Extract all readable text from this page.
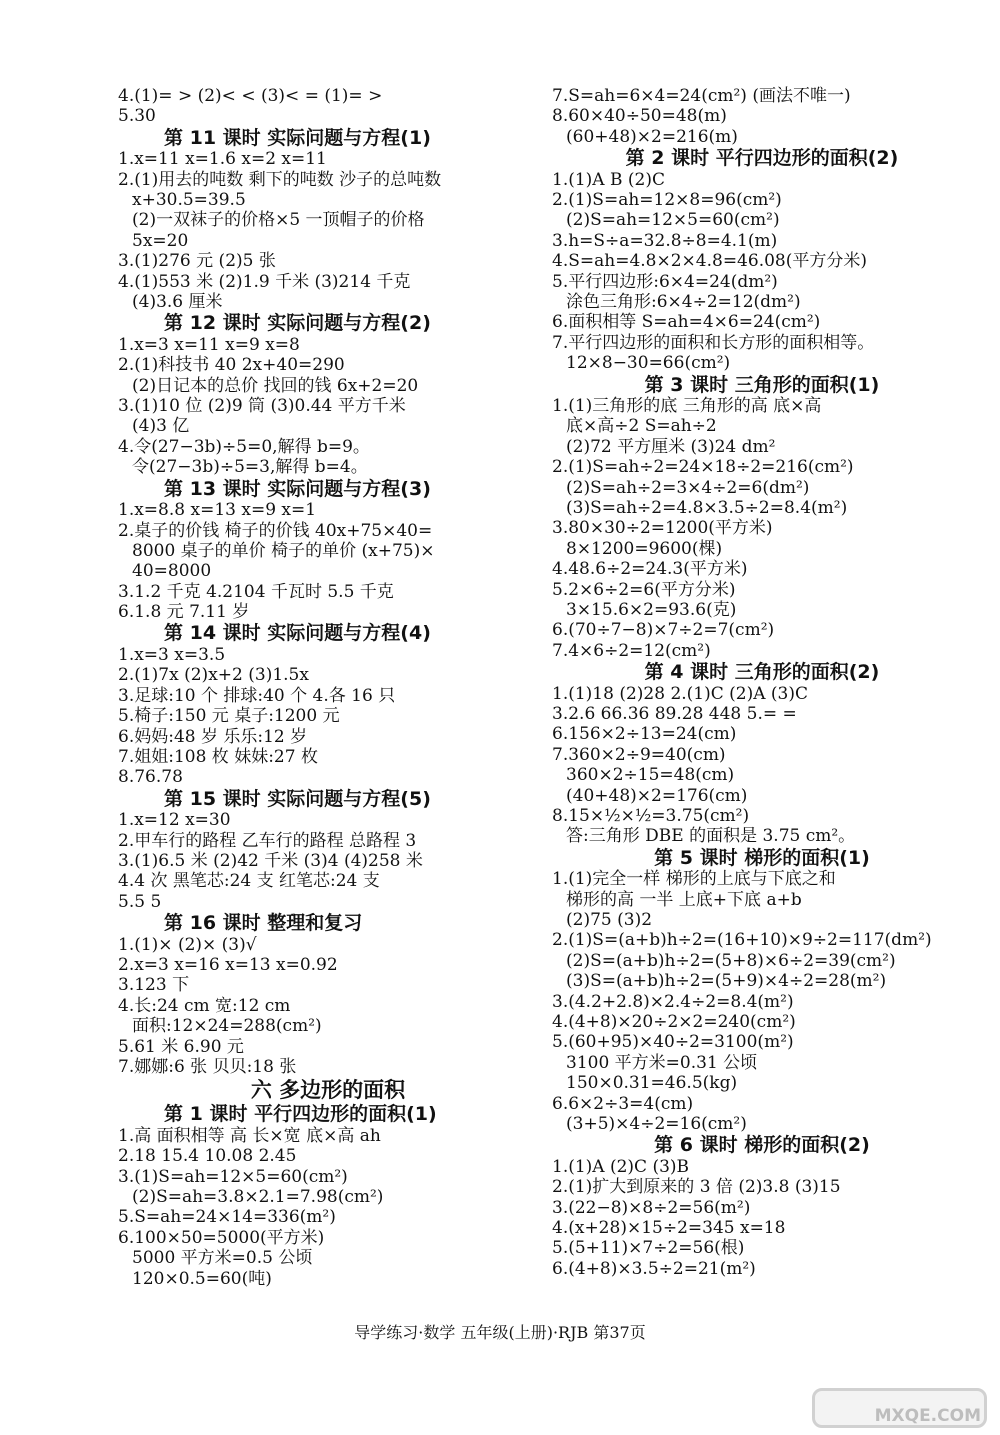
4.(1)= > (2)< < (3)< = (1)= >
5.30
第 11 课时 实际问题与方程(1)
1.x=11 x=1.6 x=2 x=11
2.(1)用去的吨数 剩下的吨数 沙子的总吨数
x+30.5=39.5
(2)一双袜子的价格×5 一顶帽子的价格
5x=20
3.(1)276 元 (2)5 张
4.(1)553 米 (2)1.9 千米 (3)214 千克
(4)3.6 厘米
第 12 课时 实际问题与方程(2)
1.x=3 x=11 x=9 x=8
2.(1)科技书 40 2x+40=290
(2)日记本的总价 找回的钱 6x+2=20
3.(1)10 位 (2)9 筒 (3)0.44 平方千米
(4)3 亿
4.令(27−3b)÷5=0,解得 b=9。
令(27−3b)÷5=3,解得 b=4。
第 13 课时 实际问题与方程(3)
1.x=8.8 x=13 x=9 x=1
2.桌子的价钱 椅子的价钱 40x+75×40=
8000 桌子的单价 椅子的单价 (x+75)×
40=8000
3.1.2 千克 4.2104 千瓦时 5.5 千克
6.1.8 元 7.11 岁
第 14 课时 实际问题与方程(4)
1.x=3 x=3.5
2.(1)7x (2)x+2 (3)1.5x
3.足球:10 个 排球:40 个 4.各 16 只
5.椅子:150 元 桌子:1200 元
6.妈妈:48 岁 乐乐:12 岁
7.姐姐:108 枚 妹妹:27 枚
8.76.78
第 15 课时 实际问题与方程(5)
1.x=12 x=30
2.甲车行的路程 乙车行的路程 总路程 3
3.(1)6.5 米 (2)42 千米 (3)4 (4)258 米
4.4 次 黑笔芯:24 支 红笔芯:24 支
5.5 5
第 16 课时 整理和复习
1.(1)× (2)× (3)√
2.x=3 x=16 x=13 x=0.92
3.123 下
4.长:24 cm 宽:12 cm
面积:12×24=288(cm²)
5.61 米 6.90 元
7.娜娜:6 张 贝贝:18 张
六 多边形的面积
第 1 课时 平行四边形的面积(1)
1.高 面积相等 高 长×宽 底×高 ah
2.18 15.4 10.08 2.45
3.(1)S=ah=12×5=60(cm²)
(2)S=ah=3.8×2.1=7.98(cm²)
5.S=ah=24×14=336(m²)
6.100×50=5000(平方米)
5000 平方米=0.5 公顷
120×0.5=60(吨)
7.S=ah=6×4=24(cm²) (画法不唯一)
8.60×40÷50=48(m)
(60+48)×2=216(m)
第 2 课时 平行四边形的面积(2)
1.(1)A B (2)C
2.(1)S=ah=12×8=96(cm²)
(2)S=ah=12×5=60(cm²)
3.h=S÷a=32.8÷8=4.1(m)
4.S=ah=4.8×2×4.8=46.08(平方分米)
5.平行四边形:6×4=24(dm²)
涂色三角形:6×4÷2=12(dm²)
6.面积相等 S=ah=4×6=24(cm²)
7.平行四边形的面积和长方形的面积相等。
12×8−30=66(cm²)
第 3 课时 三角形的面积(1)
1.(1)三角形的底 三角形的高 底×高
底×高÷2 S=ah÷2
(2)72 平方厘米 (3)24 dm²
2.(1)S=ah÷2=24×18÷2=216(cm²)
(2)S=ah÷2=3×4÷2=6(dm²)
(3)S=ah÷2=4.8×3.5÷2=8.4(m²)
3.80×30÷2=1200(平方米)
8×1200=9600(棵)
4.48.6÷2=24.3(平方米)
5.2×6÷2=6(平方分米)
3×15.6×2=93.6(克)
6.(70÷7−8)×7÷2=7(cm²)
7.4×6÷2=12(cm²)
第 4 课时 三角形的面积(2)
1.(1)18 (2)28 2.(1)C (2)A (3)C
3.2.6 66.36 89.28 448 5.= =
6.156×2÷13=24(cm)
7.360×2÷9=40(cm)
360×2÷15=48(cm)
(40+48)×2=176(cm)
8.15×½×½=3.75(cm²)
答:三角形 DBE 的面积是 3.75 cm²。
第 5 课时 梯形的面积(1)
1.(1)完全一样 梯形的上底与下底之和
梯形的高 一半 上底+下底 a+b
(2)75 (3)2
2.(1)S=(a+b)h÷2=(16+10)×9÷2=117(dm²)
(2)S=(a+b)h÷2=(5+8)×6÷2=39(cm²)
(3)S=(a+b)h÷2=(5+9)×4÷2=28(m²)
3.(4.2+2.8)×2.4÷2=8.4(m²)
4.(4+8)×20÷2×2=240(cm²)
5.(60+95)×40÷2=3100(m²)
3100 平方米=0.31 公顷
150×0.31=46.5(kg)
6.6×2÷3=4(cm)
(3+5)×4÷2=16(cm²)
第 6 课时 梯形的面积(2)
1.(1)A (2)C (3)B
2.(1)扩大到原来的 3 倍 (2)3.8 (3)15
3.(22−8)×8÷2=56(m²)
4.(x+28)×15÷2=345 x=18
5.(5+11)×7÷2=56(根)
6.(4+8)×3.5÷2=21(m²)
导学练习·数学 五年级(上册)·RJB 第37页
MXQE.COM
